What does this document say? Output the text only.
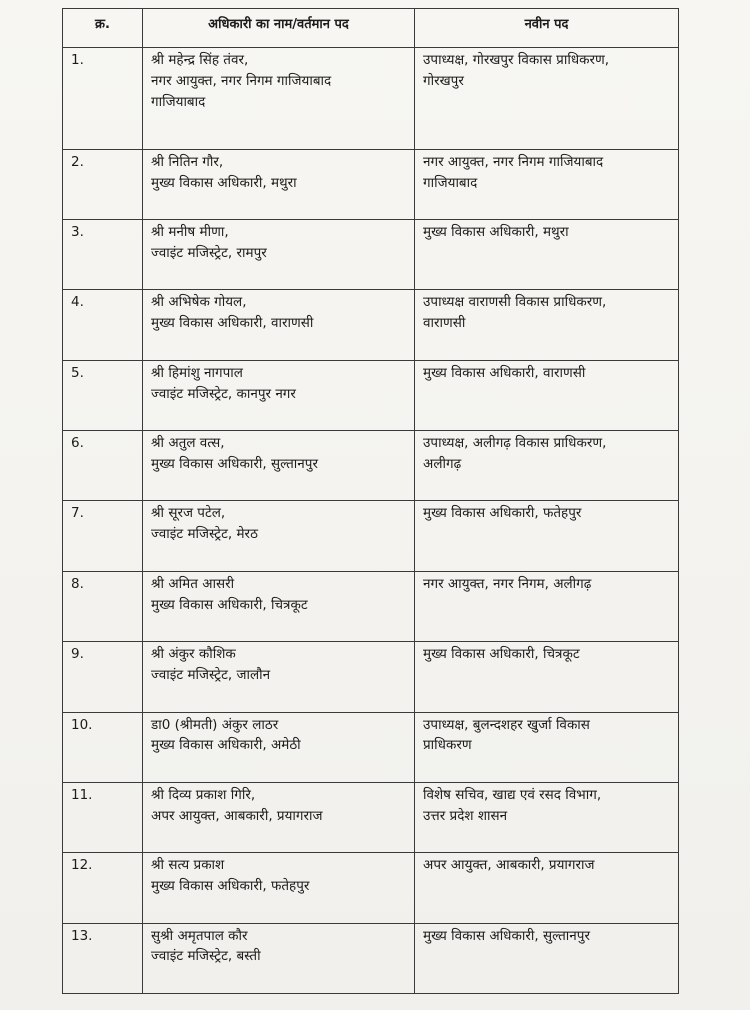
क्र.	अधिकारी का नाम/वर्तमान पद	नवीन पद
1.	श्री महेन्द्र सिंह तंवर,
नगर आयुक्त, नगर निगम गाजियाबाद
गाजियाबाद	उपाध्यक्ष, गोरखपुर विकास प्राधिकरण,
गोरखपुर

2.	श्री नितिन गौर,
मुख्य विकास अधिकारी, मथुरा	नगर आयुक्त, नगर निगम गाजियाबाद
गाजियाबाद

3.	श्री मनीष मीणा,
ज्वाइंट मजिस्ट्रेट, रामपुर	मुख्य विकास अधिकारी, मथुरा

4.	श्री अभिषेक गोयल,
मुख्य विकास अधिकारी, वाराणसी	उपाध्यक्ष वाराणसी विकास प्राधिकरण,
वाराणसी

5.	श्री हिमांशु नागपाल
ज्वाइंट मजिस्ट्रेट, कानपुर नगर	मुख्य विकास अधिकारी, वाराणसी

6.	श्री अतुल वत्स,
मुख्य विकास अधिकारी, सुल्तानपुर	उपाध्यक्ष, अलीगढ़ विकास प्राधिकरण,
अलीगढ़

7.	श्री सूरज पटेल,
ज्वाइंट मजिस्ट्रेट, मेरठ	मुख्य विकास अधिकारी, फतेहपुर

8.	श्री अमित आसरी
मुख्य विकास अधिकारी, चित्रकूट	नगर आयुक्त, नगर निगम, अलीगढ़

9.	श्री अंकुर कौशिक
ज्वाइंट मजिस्ट्रेट, जालौन	मुख्य विकास अधिकारी, चित्रकूट

10.	डा0 (श्रीमती) अंकुर लाठर
मुख्य विकास अधिकारी, अमेठी	उपाध्यक्ष, बुलन्दशहर खुर्जा विकास
प्राधिकरण

11.	श्री दिव्य प्रकाश गिरि,
अपर आयुक्त, आबकारी, प्रयागराज	विशेष सचिव, खाद्य एवं रसद विभाग,
उत्तर प्रदेश शासन

12.	श्री सत्य प्रकाश
मुख्य विकास अधिकारी, फतेहपुर	अपर आयुक्त, आबकारी, प्रयागराज

13.	सुश्री अमृतपाल कौर
ज्वाइंट मजिस्ट्रेट, बस्ती	मुख्य विकास अधिकारी, सुल्तानपुर
